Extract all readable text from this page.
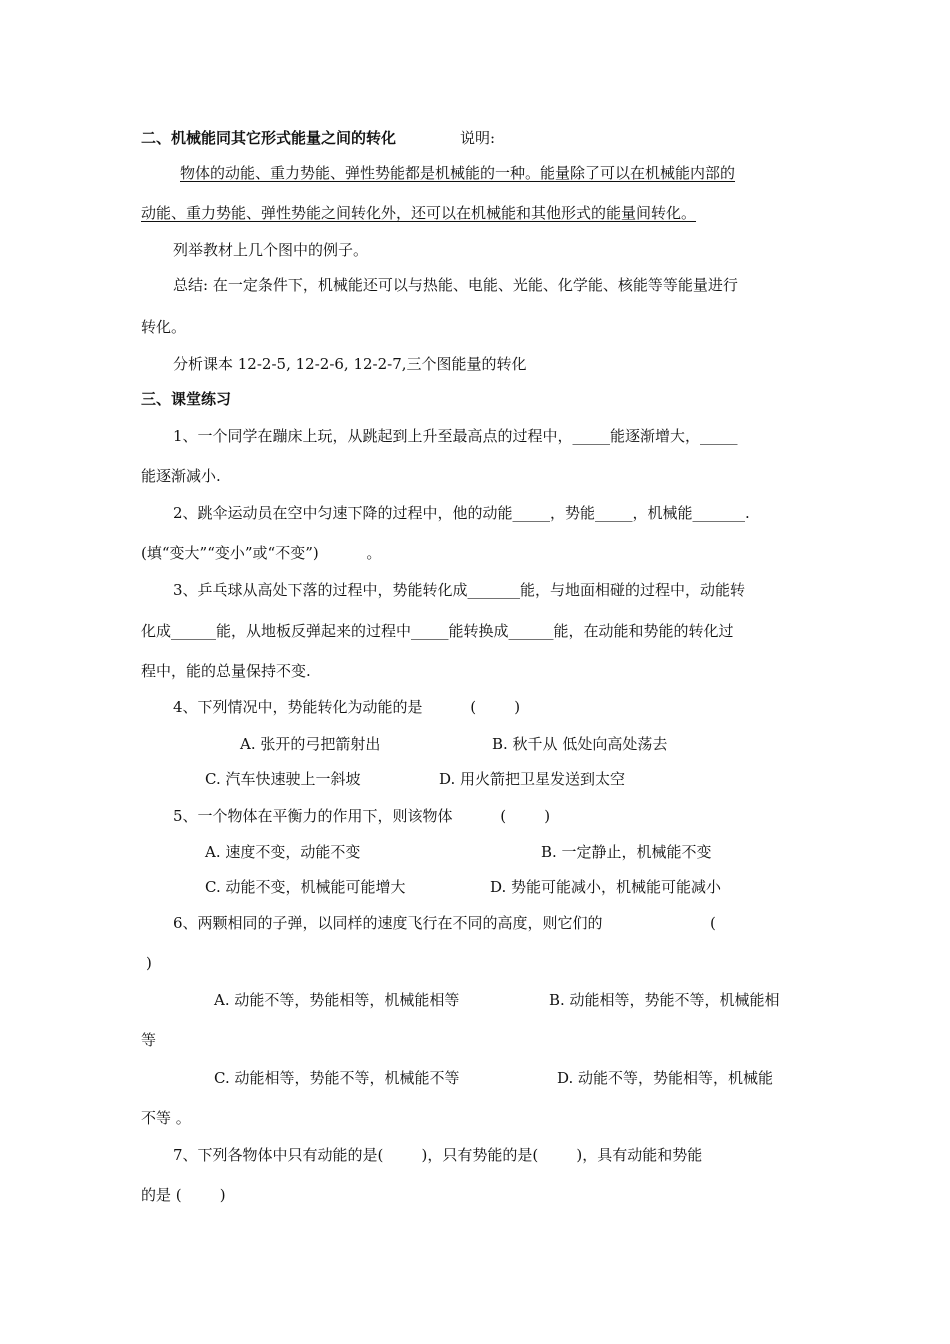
二、机械能同其它形式能量之间的转化	说明:
物体的动能、重力势能、弹性势能都是机械能的一种。能量除了可以在机械能内部的
动能、重力势能、弹性势能之间转化外，还可以在机械能和其他形式的能量间转化。
列举教材上几个图中的例子。
总结: 在一定条件下，机械能还可以与热能、电能、光能、化学能、核能等等能量进行
转化。
分析课本 12-2-5, 12-2-6, 12-2-7,三个图能量的转化
三、课堂练习
1、一个同学在蹦床上玩，从跳起到上升至最高点的过程中，_____能逐渐增大，_____
能逐渐减小.
2、跳伞运动员在空中匀速下降的过程中，他的动能_____，势能_____，机械能_______.
(填“变大”“变小”或“不变”)          。
3、乒乓球从高处下落的过程中，势能转化成_______能，与地面相碰的过程中，动能转
化成______能，从地板反弹起来的过程中_____能转换成______能，在动能和势能的转化过
程中，能的总量保持不变.
4、下列情况中，势能转化为动能的是          (        )
A. 张开的弓把箭射出	B. 秋千从 低处向高处荡去
C. 汽车快速驶上一斜坡	D. 用火箭把卫星发送到太空
5、一个物体在平衡力的作用下，则该物体          (        )
A. 速度不变，动能不变	B. 一定静止，机械能不变
C. 动能不变，机械能可能增大	D. 势能可能减小，机械能可能减小
6、两颗相同的子弹，以同样的速度飞行在不同的高度，则它们的	(
)
A. 动能不等，势能相等，机械能相等	B. 动能相等，势能不等，机械能相
等
C. 动能相等，势能不等，机械能不等	D. 动能不等，势能相等，机械能
不等 。
7、下列各物体中只有动能的是(        )，只有势能的是(        )，具有动能和势能
的是 (        )
